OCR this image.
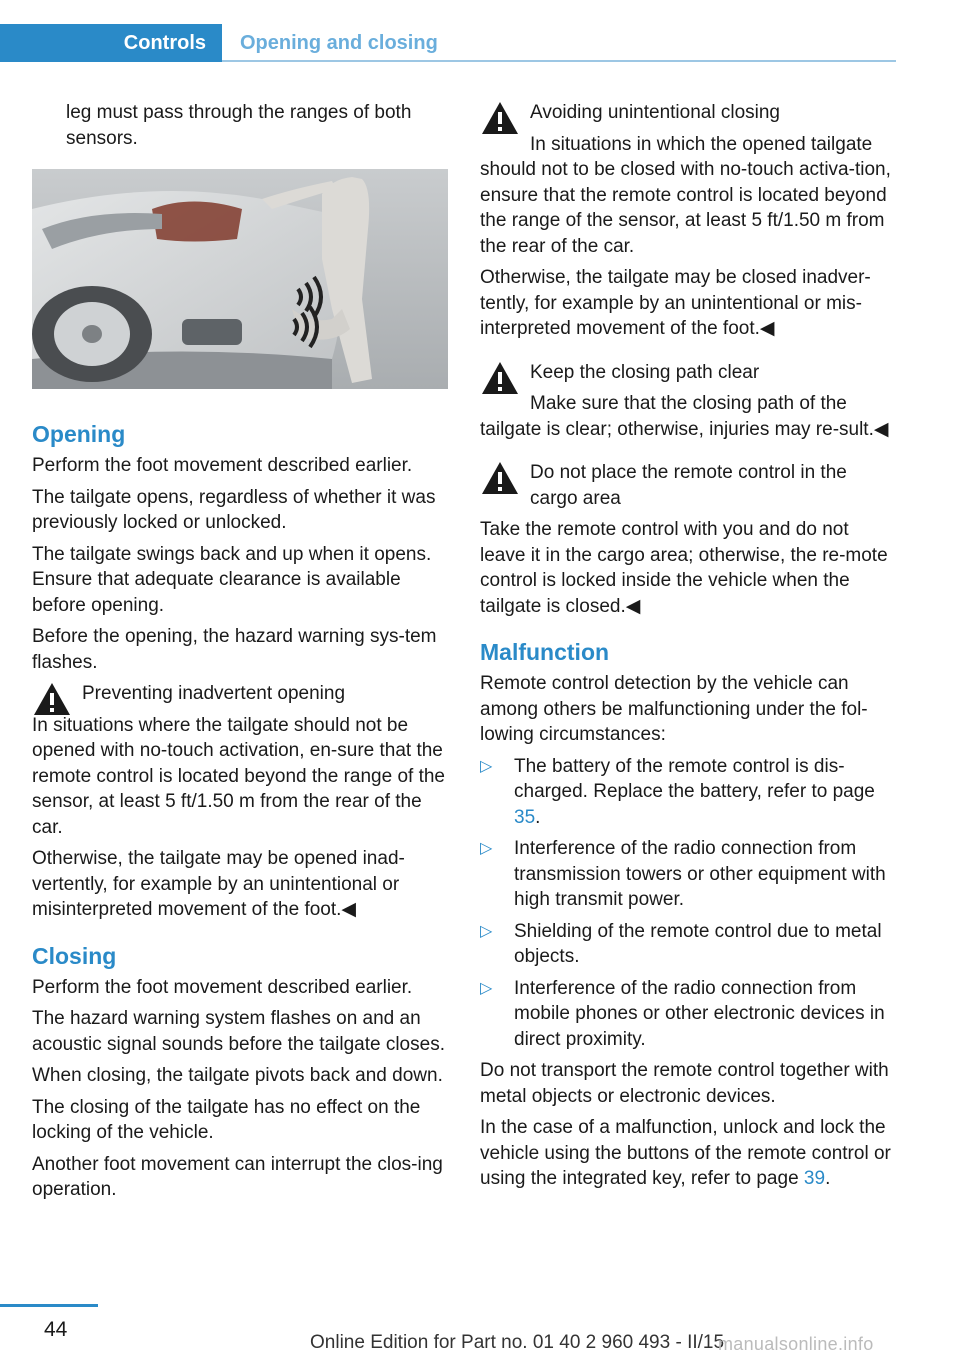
Controls Opening and closing

leg must pass through the ranges of both

sensors.

Opening

Perform the foot movement described earlier.

The tailgate opens, regardless of whether it was previously locked or unlocked.

The tailgate swings back and up when it opens. Ensure that adequate clearance is available before opening.

Before the opening, the hazard warning sys‐tem flashes.

Preventing inadvertent opening

In situations where the tailgate should not be opened with no-touch activation, en‐sure that the remote control is located beyond the range of the sensor, at least 5 ft/1.50 m from the rear of the car.

Otherwise, the tailgate may be opened inad‐vertently, for example by an unintentional or misinterpreted movement of the foot.◀

Closing

Perform the foot movement described earlier.

The hazard warning system flashes on and an acoustic signal sounds before the tailgate closes.

When closing, the tailgate pivots back and down.

The closing of the tailgate has no effect on the locking of the vehicle.

Another foot movement can interrupt the clos‐ing operation.

Avoiding unintentional closing

In situations in which the opened tailgate should not to be closed with no-touch activa‐tion, ensure that the remote control is located beyond the range of the sensor, at least 5 ft/1.50 m from the rear of the car.

Otherwise, the tailgate may be closed inadver‐tently, for example by an unintentional or mis‐interpreted movement of the foot.◀

Keep the closing path clear

Make sure that the closing path of the tailgate is clear; otherwise, injuries may re‐sult.◀

Do not place the remote control in the cargo area

Take the remote control with you and do not leave it in the cargo area; otherwise, the re‐mote control is locked inside the vehicle when the tailgate is closed.◀

Malfunction

Remote control detection by the vehicle can among others be malfunctioning under the fol‐lowing circumstances:

▷ The battery of the remote control is dis‐charged. Replace the battery, refer to page 35.
▷ Interference of the radio connection from transmission towers or other equipment with high transmit power.
▷ Shielding of the remote control due to metal objects.
▷ Interference of the radio connection from mobile phones or other electronic devices in direct proximity.

Do not transport the remote control together with metal objects or electronic devices.

In the case of a malfunction, unlock and lock the vehicle using the buttons of the remote control or using the integrated key, refer to page 39.

44
Online Edition for Part no. 01 40 2 960 493 - II/15
manualsonline.info
